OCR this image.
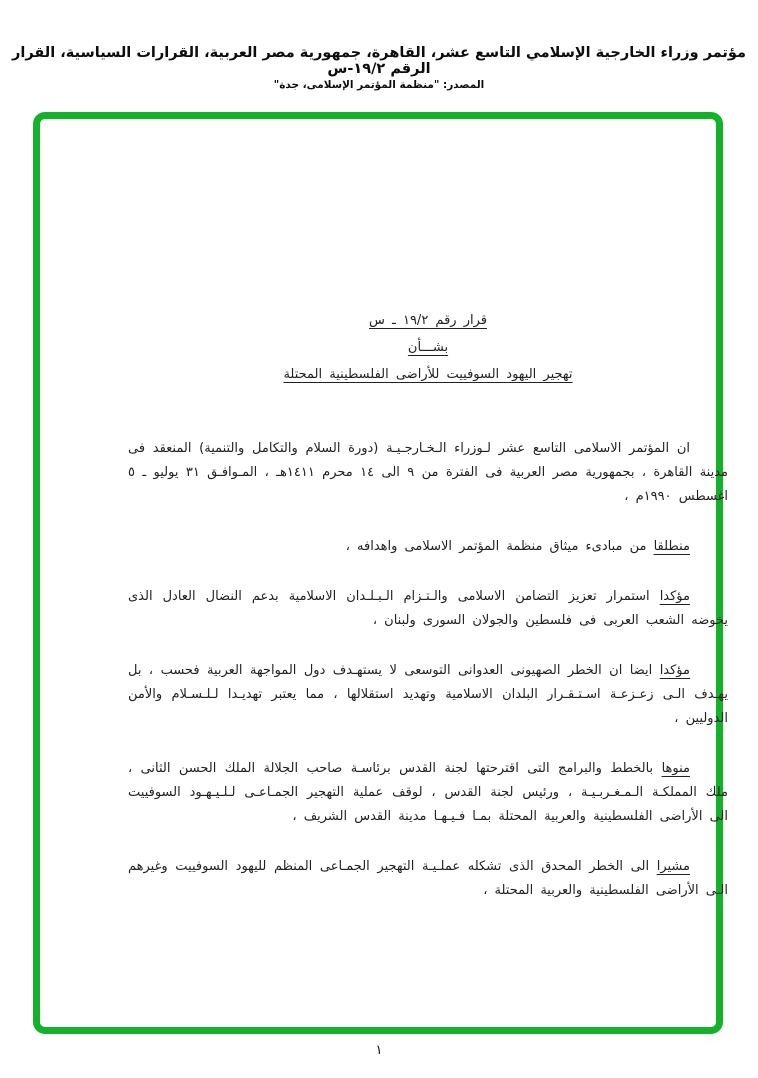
مؤتمر وزراء الخارجية الإسلامي التاسع عشر، القاهرة، جمهورية مصر العربية، القرارات السياسية، القرار الرقم ١٩/٢-س
المصدر: "منظمة المؤتمر الإسلامى، جدة"
قرار رقم ١٩/٢ ـ س
بشـــأن
تهجير اليهود السوفييت للأراضى الفلسطينية المحتلة

ان المؤتمر الاسلامى التاسع عشر لـوزراء الـخـارجـيـة (دورة السلام والتكامل والتنمية) المنعقد فى مدينة القاهرة ، بجمهورية مصر العربية فى الفترة من ٩ الى ١٤ محرم ١٤١١هـ ، المـوافـق ٣١ يوليو ـ ٥ اغسطس ١٩٩٠م ،

منطلقا من مبادىء ميثاق منظمة المؤتمر الاسلامى واهدافه ،

مؤكدا استمرار تعزيز التضامن الاسلامى والـتـزام الـبـلـدان الاسلامية بدعم النضال العادل الذى يخوضه الشعب العربى فى فلسطين والجولان السورى ولبنان ،

مؤكدا ايضا ان الخطر الصهيونى العدوانى التوسعى لا يستهـدف دول المواجهة العربية فحسب ، بل يهـدف الـى زعـزعـة اسـتـقـرار البلدان الاسلامية وتهديد استقلالها ، مما يعتبر تهديـدا لـلـسـلام والأمن الدوليين ،

منوها بالخطط والبرامج التى اقترحتها لجنة القدس برئاسـة صاحب الجلالة الملك الحسن الثانى ، ملك المملكـة الـمـغـربـيـة ، ورئيس لجنة القدس ، لوقف عملية التهجير الجمـاعـى لـلـيـهـود السوفييت الى الأراضى الفلسطينية والعربية المحتلة بمـا فـيـهـا مدينة القدس الشريف ،

مشيرا الى الخطر المحدق الذى تشكله عملـيـة التهجير الجمـاعى المنظم لليهود السوفييت وغيرهم الـى الأراضى الفلسطينية والعربية المحتلة ،

١
